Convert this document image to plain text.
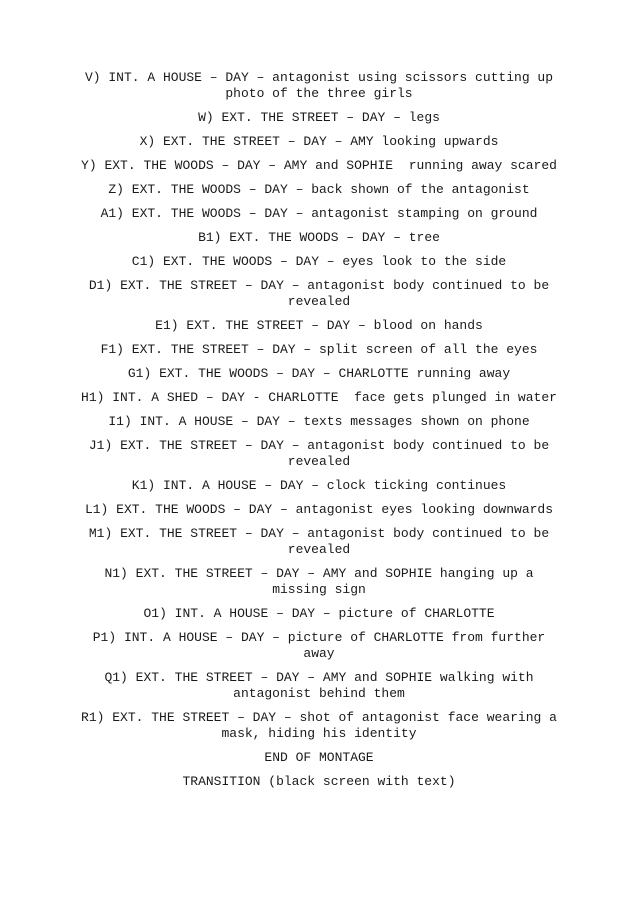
V) INT. A HOUSE – DAY – antagonist using scissors cutting up photo of the three girls
W) EXT. THE STREET – DAY – legs
X) EXT. THE STREET – DAY – AMY looking upwards
Y) EXT. THE WOODS – DAY – AMY and SOPHIE  running away scared
Z) EXT. THE WOODS – DAY – back shown of the antagonist
A1) EXT. THE WOODS – DAY – antagonist stamping on ground
B1) EXT. THE WOODS – DAY – tree
C1) EXT. THE WOODS – DAY – eyes look to the side
D1) EXT. THE STREET – DAY – antagonist body continued to be revealed
E1) EXT. THE STREET – DAY – blood on hands
F1) EXT. THE STREET – DAY – split screen of all the eyes
G1) EXT. THE WOODS – DAY – CHARLOTTE running away
H1) INT. A SHED – DAY - CHARLOTTE  face gets plunged in water
I1) INT. A HOUSE – DAY – texts messages shown on phone
J1) EXT. THE STREET – DAY – antagonist body continued to be revealed
K1) INT. A HOUSE – DAY – clock ticking continues
L1) EXT. THE WOODS – DAY – antagonist eyes looking downwards
M1) EXT. THE STREET – DAY – antagonist body continued to be revealed
N1) EXT. THE STREET – DAY – AMY and SOPHIE hanging up a missing sign
O1) INT. A HOUSE – DAY – picture of CHARLOTTE
P1) INT. A HOUSE – DAY – picture of CHARLOTTE from further away
Q1) EXT. THE STREET – DAY – AMY and SOPHIE walking with antagonist behind them
R1) EXT. THE STREET – DAY – shot of antagonist face wearing a mask, hiding his identity
END OF MONTAGE
TRANSITION (black screen with text)
